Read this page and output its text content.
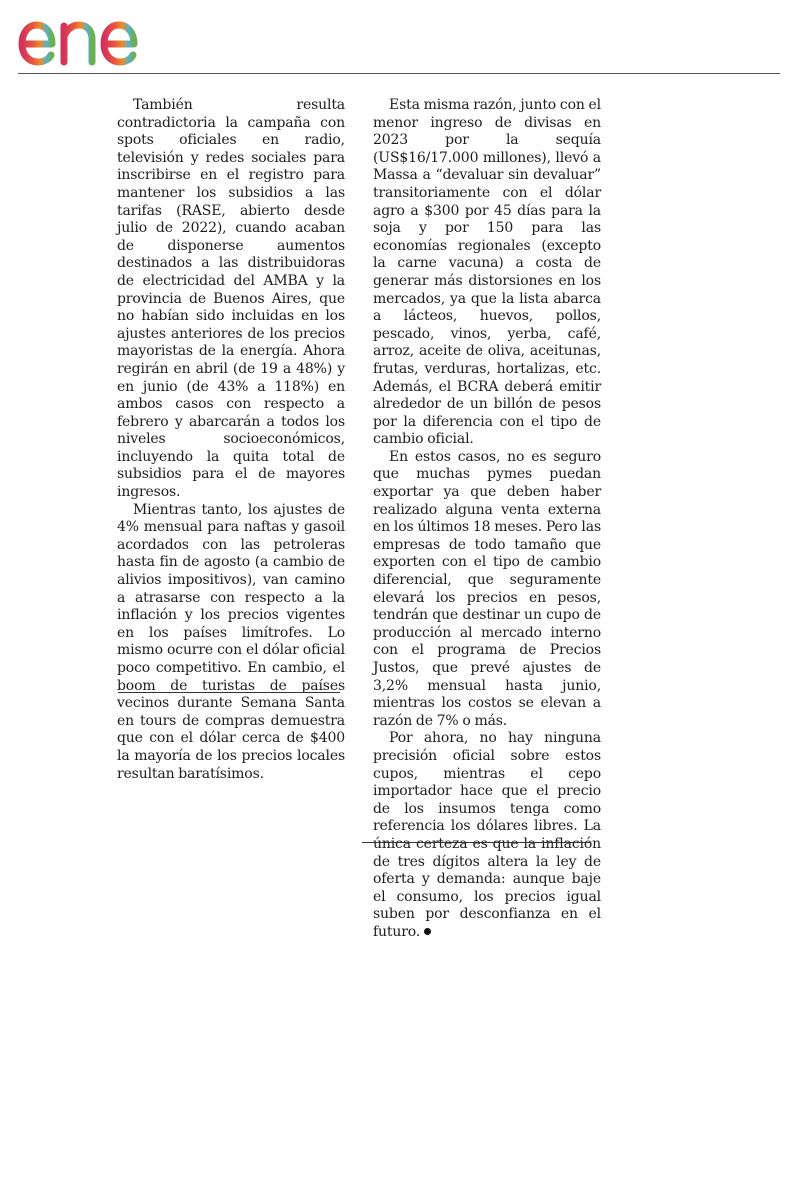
También resulta contradictoria la campaña con spots oficiales en radio, televisión y redes sociales para inscribirse en el registro para mantener los subsidios a las tarifas (RASE, abierto desde julio de 2022), cuando acaban de disponerse aumentos destinados a las distribuidoras de electricidad del AMBA y la provincia de Buenos Aires, que no habían sido incluidas en los ajustes anteriores de los precios mayoristas de la energía. Ahora regirán en abril (de 19 a 48%) y en junio (de 43% a 118%) en ambos casos con respecto a febrero y abarcarán a todos los niveles socioeconómicos, incluyendo la quita total de subsidios para el de mayores ingresos.

Mientras tanto, los ajustes de 4% mensual para naftas y gasoil acordados con las petroleras hasta fin de agosto (a cambio de alivios impositivos), van camino a atrasarse con respecto a la inflación y los precios vigentes en los países limítrofes. Lo mismo ocurre con el dólar oficial poco competitivo. En cambio, el boom de turistas de países vecinos durante Semana Santa en tours de compras demuestra que con el dólar cerca de $400 la mayoría de los precios locales resultan baratísimos.

Esta misma razón, junto con el menor ingreso de divisas en 2023 por la sequía (US$16/17.000 millones), llevó a Massa a “devaluar sin devaluar” transitoriamente con el dólar agro a $300 por 45 días para la soja y por 150 para las economías regionales (excepto la carne vacuna) a costa de generar más distorsiones en los mercados, ya que la lista abarca a lácteos, huevos, pollos, pescado, vinos, yerba, café, arroz, aceite de oliva, aceitunas, frutas, verduras, hortalizas, etc. Además, el BCRA deberá emitir alrededor de un billón de pesos por la diferencia con el tipo de cambio oficial.

En estos casos, no es seguro que muchas pymes puedan exportar ya que deben haber realizado alguna venta externa en los últimos 18 meses. Pero las empresas de todo tamaño que exporten con el tipo de cambio diferencial, que seguramente elevará los precios en pesos, tendrán que destinar un cupo de producción al mercado interno con el programa de Precios Justos, que prevé ajustes de 3,2% mensual hasta junio, mientras los costos se elevan a razón de 7% o más.

Por ahora, no hay ninguna precisión oficial sobre estos cupos, mientras el cepo importador hace que el precio de los insumos tenga como referencia los dólares libres. La única certeza es que la inflación de tres dígitos altera la ley de oferta y demanda: aunque baje el consumo, los precios igual suben por desconfianza en el futuro.
